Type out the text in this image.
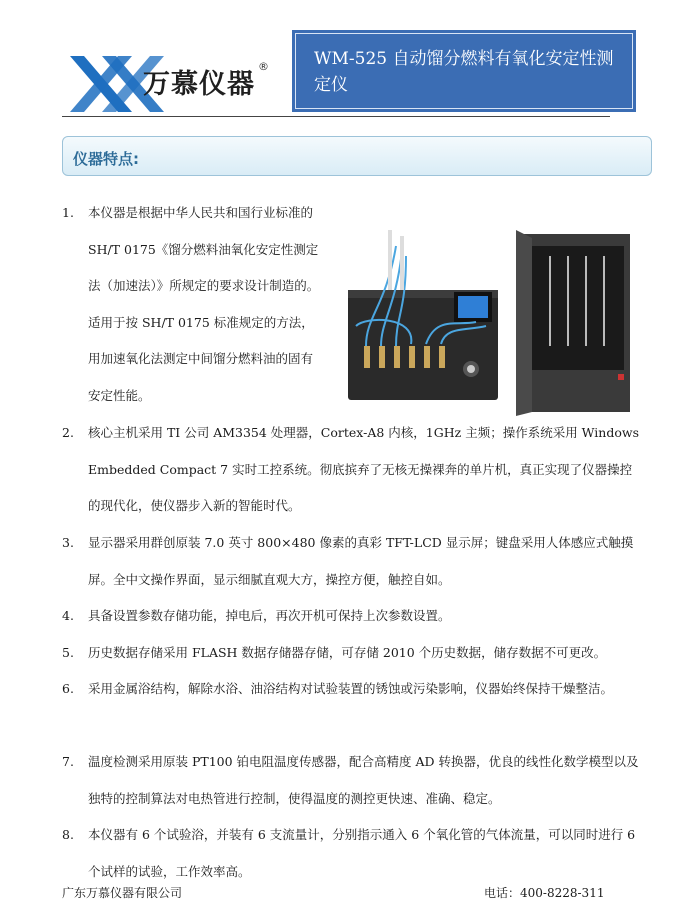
万慕仪器
®	WM-525 自动馏分燃料有氧化安定性测定仪
仪器特点:
1. 本仪器是根据中华人民共和国行业标准的 SH/T 0175《馏分燃料油氧化安定性测定法（加速法）》所规定的要求设计制造的。适用于按 SH/T 0175 标准规定的方法，用加速氧化法测定中间馏分燃料油的固有安定性能。
2. 核心主机采用 TI 公司 AM3354 处理器，Cortex-A8 内核，1GHz 主频；操作系统采用 Windows Embedded Compact 7 实时工控系统。彻底摈弃了无核无操裸奔的单片机，真正实现了仪器操控的现代化，使仪器步入新的智能时代。
3. 显示器采用群创原装 7.0 英寸 800×480 像素的真彩 TFT-LCD 显示屏；键盘采用人体感应式触摸屏。全中文操作界面，显示细腻直观大方，操控方便，触控自如。
4. 具备设置参数存储功能，掉电后，再次开机可保持上次参数设置。
5. 历史数据存储采用 FLASH 数据存储器存储，可存储 2010 个历史数据，储存数据不可更改。
6. 采用金属浴结构，解除水浴、油浴结构对试验装置的锈蚀或污染影响，仪器始终保持干燥整洁。
7. 温度检测采用原装 PT100 铂电阻温度传感器，配合高精度 AD 转换器，优良的线性化数学模型以及独特的控制算法对电热管进行控制，使得温度的测控更快速、准确、稳定。
8. 本仪器有 6 个试验浴，并装有 6 支流量计，分别指示通入 6 个氧化管的气体流量，可以同时进行 6 个试样的试验，工作效率高。
广东万慕仪器有限公司	电话：400-8228-311
